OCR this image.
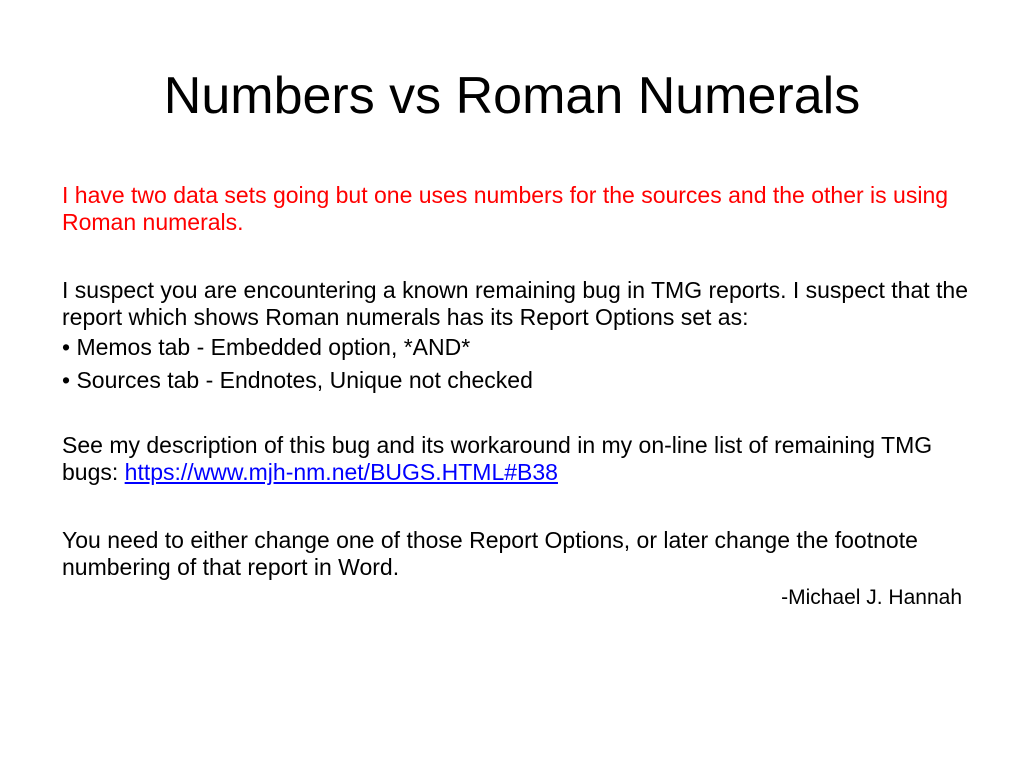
Numbers vs Roman Numerals

I have two data sets going but one uses numbers for the sources and the other is using Roman numerals.

I suspect you are encountering a known remaining bug in TMG reports. I suspect that the report which shows Roman numerals has its Report Options set as:

• Memos tab - Embedded option, *AND*

• Sources tab - Endnotes, Unique not checked

See my description of this bug and its workaround in my on-line list of remaining TMG bugs: https://www.mjh-nm.net/BUGS.HTML#B38

You need to either change one of those Report Options, or later change the footnote numbering of that report in Word.

-Michael J. Hannah
